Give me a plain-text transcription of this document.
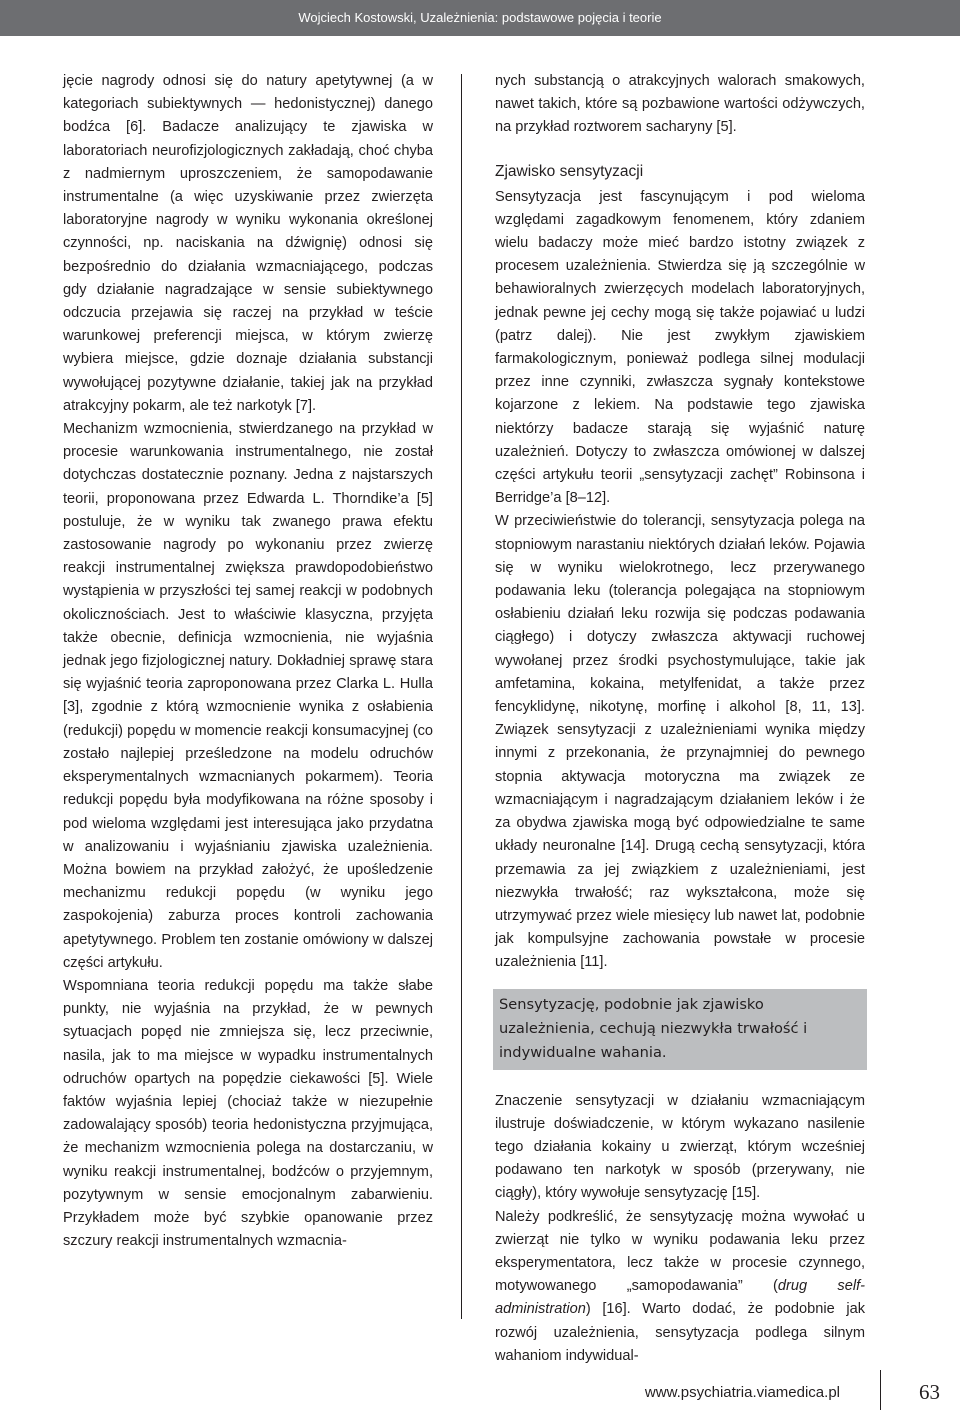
Wojciech Kostowski, Uzależnienia: podstawowe pojęcia i teorie

jęcie nagrody odnosi się do natury apetytywnej (a w kategoriach subiektywnych — hedonistycznej) danego bodźca [6]. Badacze analizujący te zjawiska w laboratoriach neurofizjologicznych zakładają, choć chyba z nadmiernym uproszczeniem, że samopodawanie instrumentalne (a więc uzyskiwanie przez zwierzęta laboratoryjne nagrody w wyniku wykonania określonej czynności, np. naciskania na dźwignię) odnosi się bezpośrednio do działania wzmacniającego, podczas gdy działanie nagradzające w sensie subiektywnego odczucia przejawia się raczej na przykład w teście warunkowej preferencji miejsca, w którym zwierzę wybiera miejsce, gdzie doznaje działania substancji wywołującej pozytywne działanie, takiej jak na przykład atrakcyjny pokarm, ale też narkotyk [7].

Mechanizm wzmocnienia, stwierdzanego na przykład w procesie warunkowania instrumentalnego, nie został dotychczas dostatecznie poznany. Jedna z najstarszych teorii, proponowana przez Edwarda L. Thorndike’a [5] postuluje, że w wyniku tak zwanego prawa efektu zastosowanie nagrody po wykonaniu przez zwierzę reakcji instrumentalnej zwiększa prawdopodobieństwo wystąpienia w przyszłości tej samej reakcji w podobnych okolicznościach. Jest to właściwie klasyczna, przyjęta także obecnie, definicja wzmocnienia, nie wyjaśnia jednak jego fizjologicznej natury. Dokładniej sprawę stara się wyjaśnić teoria zaproponowana przez Clarka L. Hulla [3], zgodnie z którą wzmocnienie wynika z osłabienia (redukcji) popędu w momencie reakcji konsumacyjnej (co zostało najlepiej prześledzone na modelu odruchów eksperymentalnych wzmacnianych pokarmem). Teoria redukcji popędu była modyfikowana na różne sposoby i pod wieloma względami jest interesująca jako przydatna w analizowaniu i wyjaśnianiu zjawiska uzależnienia. Można bowiem na przykład założyć, że upośledzenie mechanizmu redukcji popędu (w wyniku jego zaspokojenia) zaburza proces kontroli zachowania apetytywnego. Problem ten zostanie omówiony w dalszej części artykułu.

Wspomniana teoria redukcji popędu ma także słabe punkty, nie wyjaśnia na przykład, że w pewnych sytuacjach popęd nie zmniejsza się, lecz przeciwnie, nasila, jak to ma miejsce w wypadku instrumentalnych odruchów opartych na popędzie ciekawości [5]. Wiele faktów wyjaśnia lepiej (chociaż także w niezupełnie zadowalający sposób) teoria hedonistyczna przyjmująca, że mechanizm wzmocnienia polega na dostarczaniu, w wyniku reakcji instrumentalnej, bodźców o przyjemnym, pozytywnym w sensie emocjonalnym zabarwieniu. Przykładem może być szybkie opanowanie przez szczury reakcji instrumentalnych wzmacnia-

nych substancją o atrakcyjnych walorach smakowych, nawet takich, które są pozbawione wartości odżywczych, na przykład roztworem sacharyny [5].

Zjawisko sensytyzacji

Sensytyzacja jest fascynującym i pod wieloma względami zagadkowym fenomenem, który zdaniem wielu badaczy może mieć bardzo istotny związek z procesem uzależnienia. Stwierdza się ją szczególnie w behawioralnych zwierzęcych modelach laboratoryjnych, jednak pewne jej cechy mogą się także pojawiać u ludzi (patrz dalej). Nie jest zwykłym zjawiskiem farmakologicznym, ponieważ podlega silnej modulacji przez inne czynniki, zwłaszcza sygnały kontekstowe kojarzone z lekiem. Na podstawie tego zjawiska niektórzy badacze starają się wyjaśnić naturę uzależnień. Dotyczy to zwłaszcza omówionej w dalszej części artykułu teorii „sensytyzacji zachęt” Robinsona i Berridge’a [8–12].

W przeciwieństwie do tolerancji, sensytyzacja polega na stopniowym narastaniu niektórych działań leków. Pojawia się w wyniku wielokrotnego, lecz przerywanego podawania leku (tolerancja polegająca na stopniowym osłabieniu działań leku rozwija się podczas podawania ciągłego) i dotyczy zwłaszcza aktywacji ruchowej wywołanej przez środki psychostymulujące, takie jak amfetamina, kokaina, metylfenidat, a także przez fencyklidynę, nikotynę, morfinę i alkohol [8, 11, 13]. Związek sensytyzacji z uzależnieniami wynika między innymi z przekonania, że przynajmniej do pewnego stopnia aktywacja motoryczna ma związek ze wzmacniającym i nagradzającym działaniem leków i że za obydwa zjawiska mogą być odpowiedzialne te same układy neuronalne [14]. Drugą cechą sensytyzacji, która przemawia za jej związkiem z uzależnieniami, jest niezwykła trwałość; raz wykształcona, może się utrzymywać przez wiele miesięcy lub nawet lat, podobnie jak kompulsyjne zachowania powstałe w procesie uzależnienia [11].

Sensytyzację, podobnie jak zjawisko uzależnienia, cechują niezwykła trwałość i indywidualne wahania.

Znaczenie sensytyzacji w działaniu wzmacniającym ilustruje doświadczenie, w którym wykazano nasilenie tego działania kokainy u zwierząt, którym wcześniej podawano ten narkotyk w sposób (przerywany, nie ciągły), który wywołuje sensytyzację [15].

Należy podkreślić, że sensytyzację można wywołać u zwierząt nie tylko w wyniku podawania leku przez eksperymentatora, lecz także w procesie czynnego, motywowanego „samopodawania” (drug self-administration) [16]. Warto dodać, że podobnie jak rozwój uzależnienia, sensytyzacja podlega silnym wahaniom indywidual-

www.psychiatria.viamedica.pl	63
